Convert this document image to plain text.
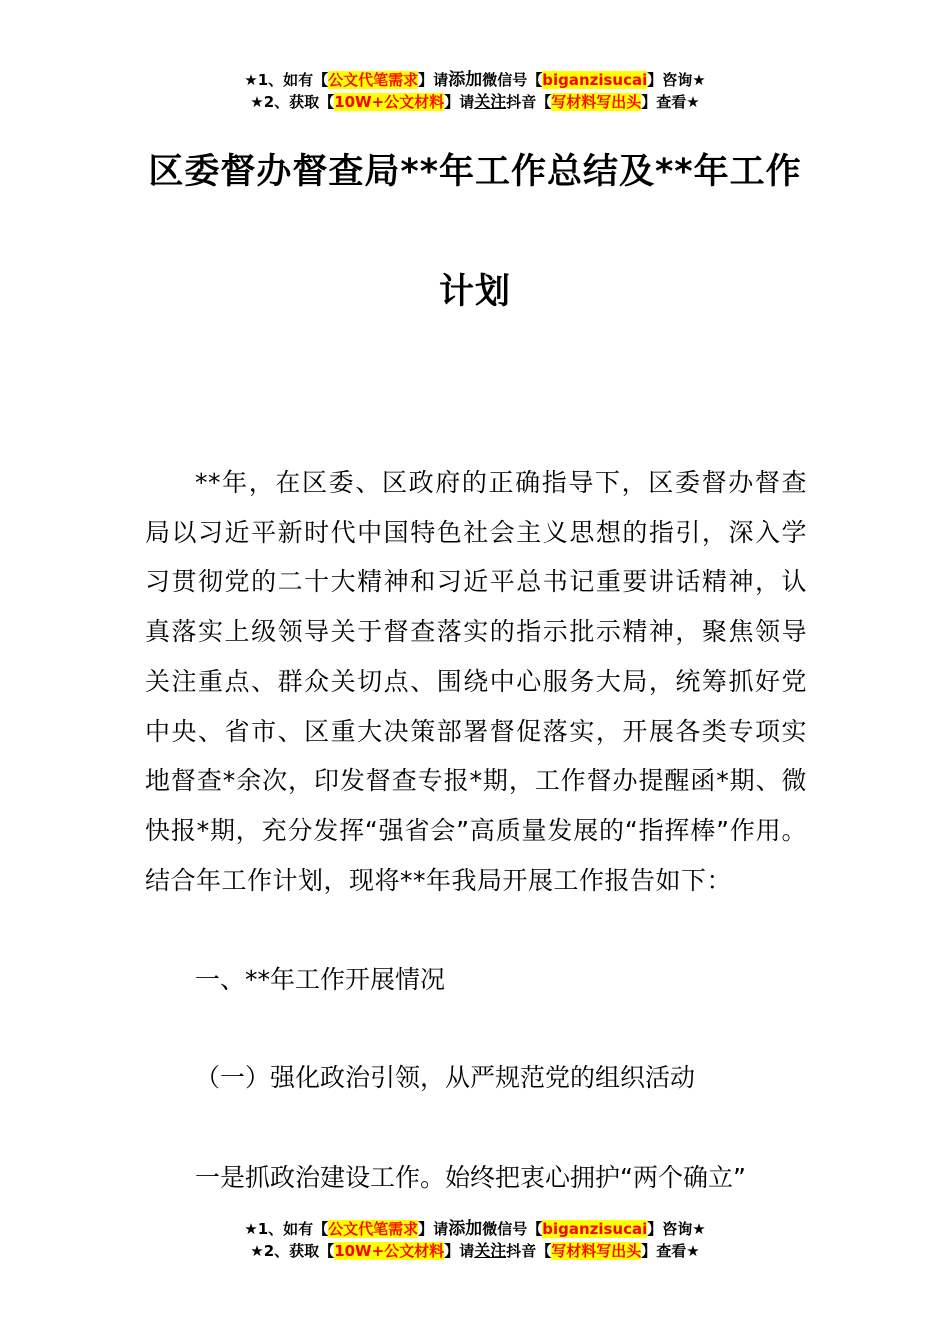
★1、如有【公文代笔需求】请添加微信号【biganzisucai】咨询★
★2、获取【10W+公文材料】请关注抖音【写材料写出头】查看★
区委督办督查局**年工作总结及**年工作
计划

**年，在区委、区政府的正确指导下，区委督办督查局以习近平新时代中国特色社会主义思想的指引，深入学习贯彻党的二十大精神和习近平总书记重要讲话精神，认真落实上级领导关于督查落实的指示批示精神，聚焦领导关注重点、群众关切点、围绕中心服务大局，统筹抓好党中央、省市、区重大决策部署督促落实，开展各类专项实地督查*余次，印发督查专报*期，工作督办提醒函*期、微快报*期，充分发挥“强省会”高质量发展的“指挥棒”作用。结合年工作计划，现将**年我局开展工作报告如下：

一、**年工作开展情况
（一）强化政治引领，从严规范党的组织活动
一是抓政治建设工作。始终把衷心拥护“两个确立”
★1、如有【公文代笔需求】请添加微信号【biganzisucai】咨询★
★2、获取【10W+公文材料】请关注抖音【写材料写出头】查看★
